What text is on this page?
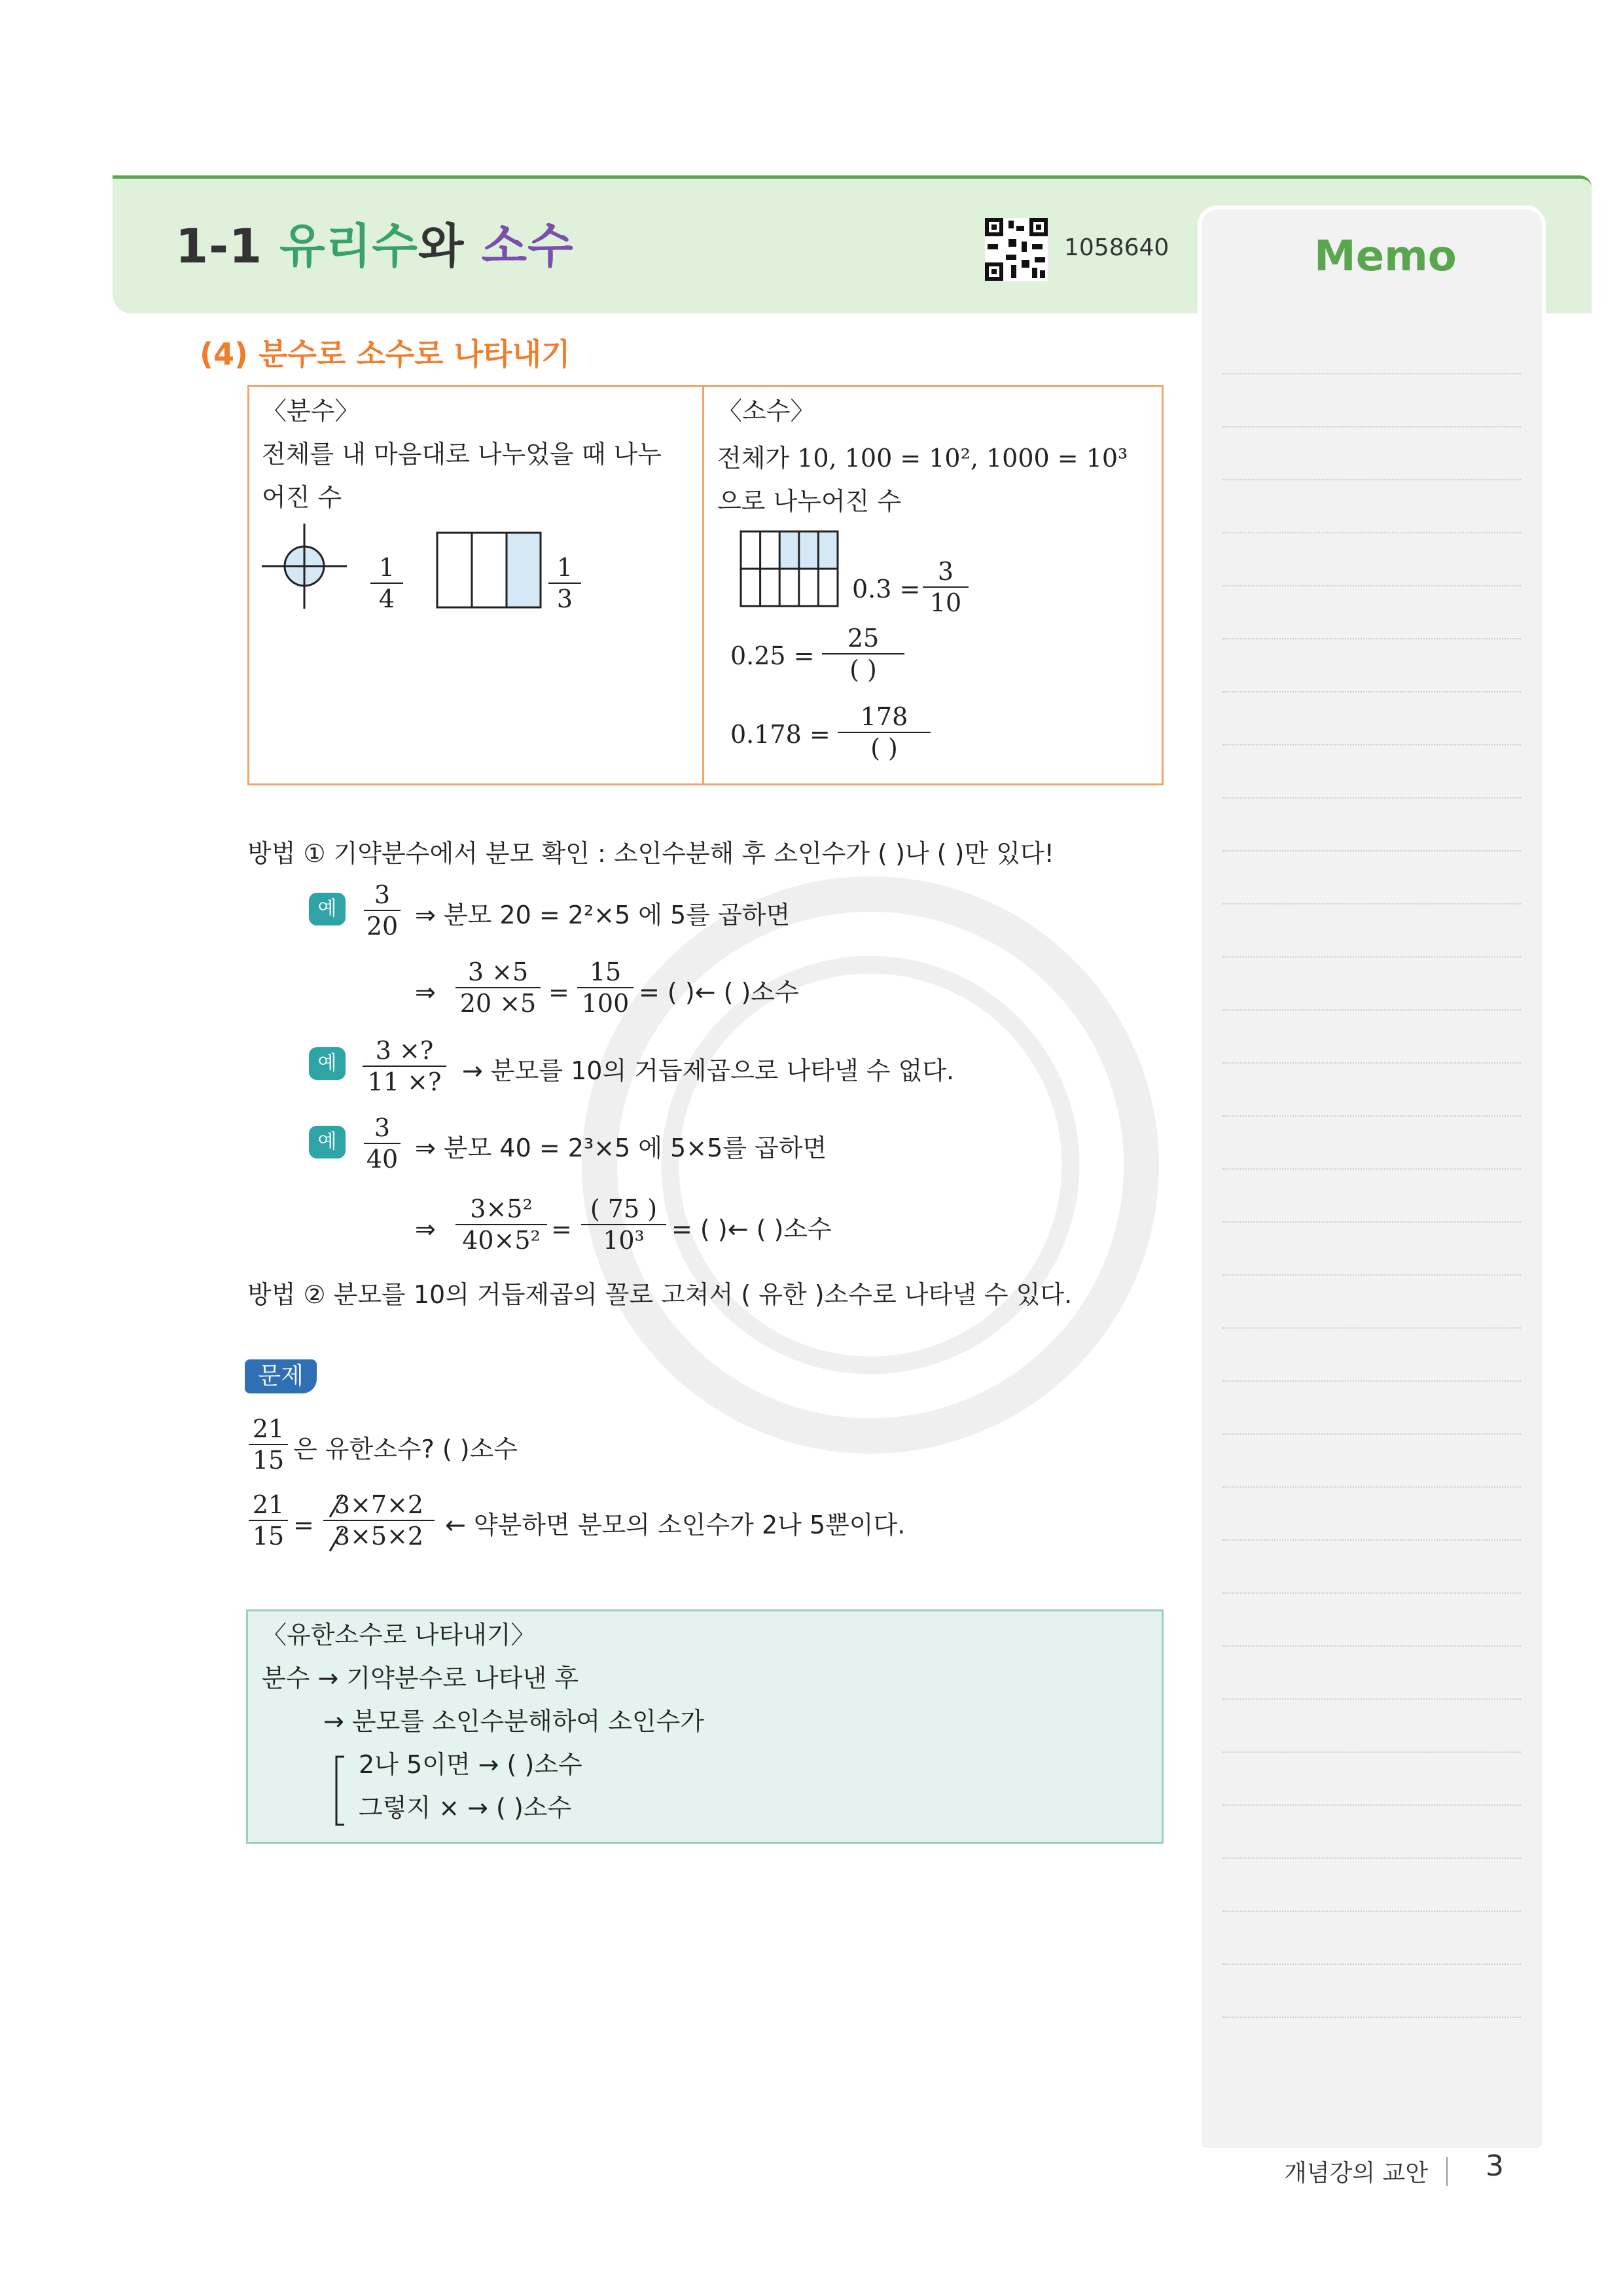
1-1 유리수와 소수	1058640	Memo
(4) 분수로 소수로 나타내기
〈분수〉
전체를 내 마음대로 나누었을 때 나누
어진 수
$\frac{1}{4}$	$\frac{1}{3}$
〈소수〉
전체가 10, 100 = 10², 1000 = 10³
으로 나누어진 수
$0.3 = \frac{3}{10}$
0.25 =
25
( )
0.178 =
178
( )
방법 ① 기약분수에서 분모 확인 : 소인수분해 후 소인수가 ( )나 ( )만 있다!
예	$\frac{3}{20}$ ⇒ 분모 20 = 2²×5 에 5를 곱하면
⇒ $\frac{3 \times 5}{20 \times 5} = \frac{15}{100}$ = ( )← ( )소수
예	$\frac{3 \times?}{11 \times?}$ → 분모를 10의 거듭제곱으로 나타낼 수 없다.
예	$\frac{3}{40}$ ⇒ 분모 40 = 2³×5 에 5×5를 곱하면
⇒ $\frac{\text{3×5²}}{\text{40×5²}} = \frac{( 75 )}{\text{10³}}$ = ( )← ( )소수
방법 ② 분모를 10의 거듭제곱의 꼴로 고쳐서 ( 유한 )소수로 나타낼 수 있다.
문제
$\frac{21}{15}$ 은 유한소수? ( )소수
$\frac{21}{15} = \frac{3\times 7\times 2}{3\times 5\times 2}$ ← 약분하면 분모의 소인수가 2나 5뿐이다.
〈유한소수로 나타내기〉
분수 → 기약분수로 나타낸 후
→ 분모를 소인수분해하여 소인수가
2나 5이면 → ( )소수
그렇지 × → ( )소수
개념강의 교안 3
